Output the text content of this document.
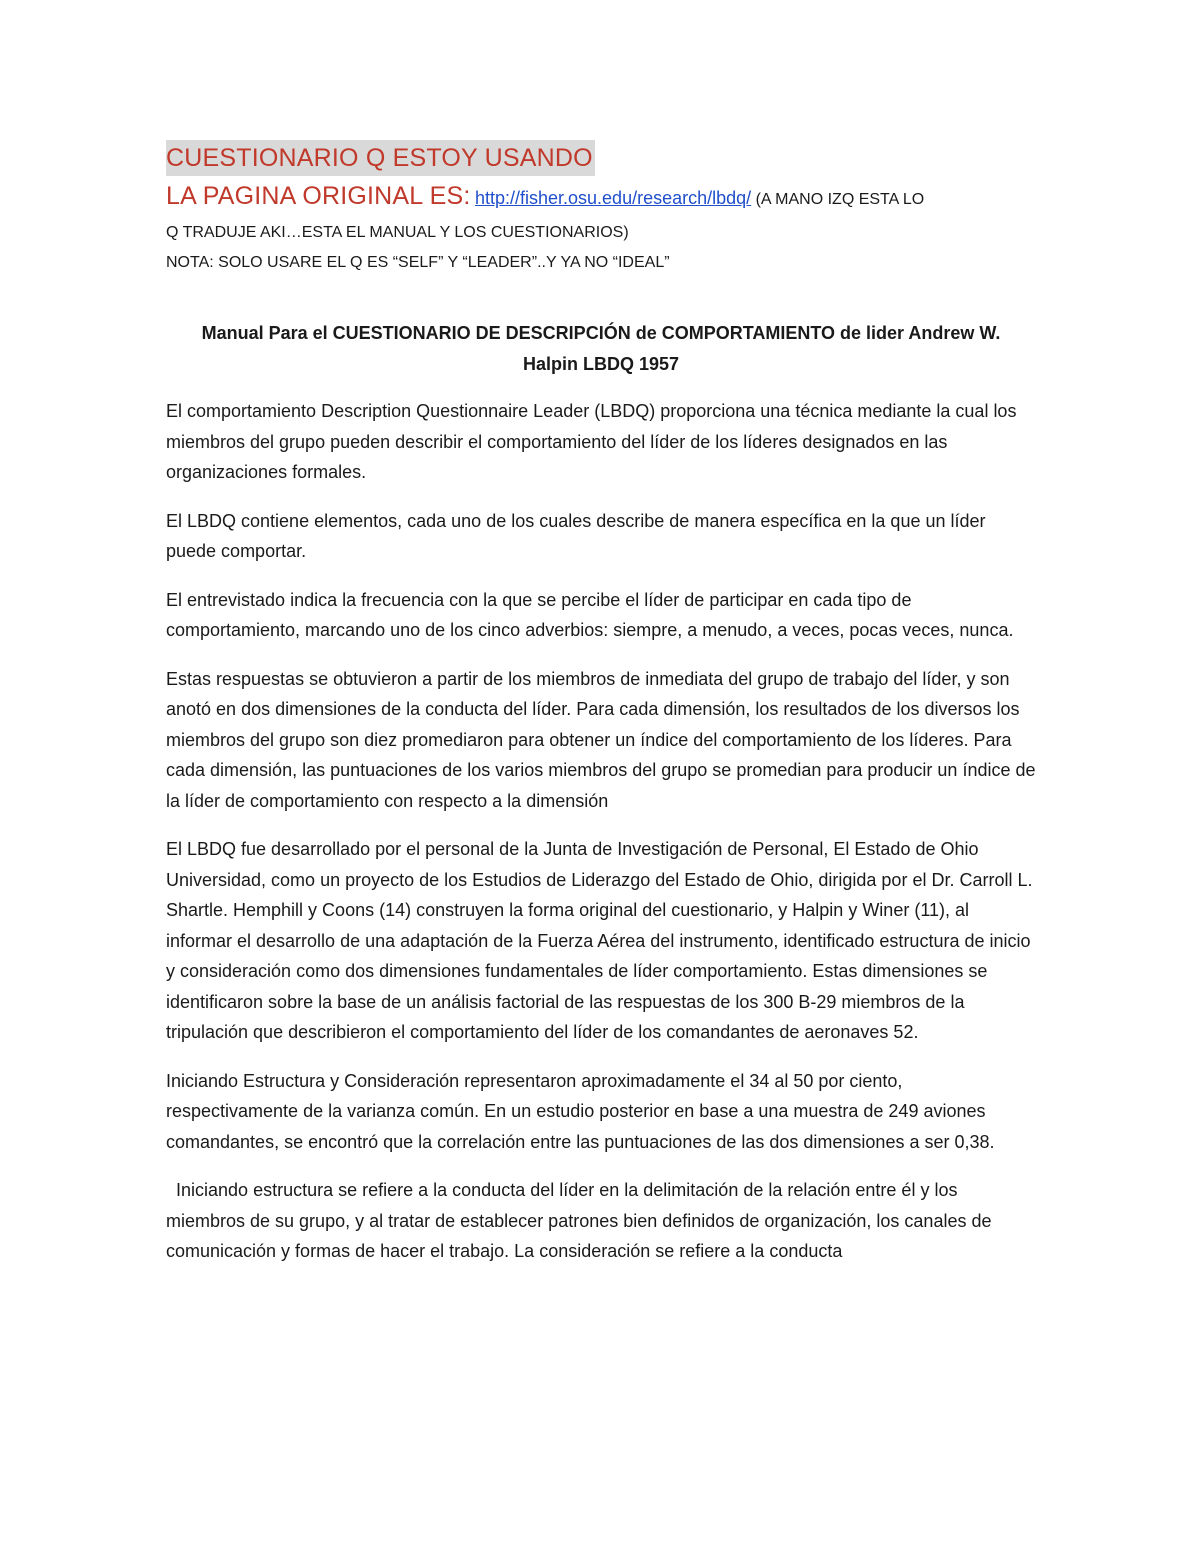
CUESTIONARIO Q ESTOY USANDO
LA PAGINA ORIGINAL ES: http://fisher.osu.edu/research/lbdq/ (A MANO IZQ ESTA LO
Q TRADUJE AKI…ESTA EL MANUAL Y LOS CUESTIONARIOS)
NOTA: SOLO USARE EL Q ES “SELF” Y “LEADER”..Y YA NO “IDEAL”
Manual Para el CUESTIONARIO DE DESCRIPCIÓN de COMPORTAMIENTO de lider Andrew W.
Halpin LBDQ 1957

El comportamiento Description Questionnaire Leader (LBDQ) proporciona una técnica mediante la cual los miembros del grupo pueden describir el comportamiento del líder de los líderes designados en las organizaciones formales.

El LBDQ contiene elementos, cada uno de los cuales describe de manera específica en la que un líder puede comportar.

El entrevistado indica la frecuencia con la que se percibe el líder de participar en cada tipo de comportamiento, marcando uno de los cinco adverbios: siempre, a menudo, a veces, pocas veces, nunca.

Estas respuestas se obtuvieron a partir de los miembros de inmediata del grupo de trabajo del líder, y son anotó en dos dimensiones de la conducta del líder. Para cada dimensión, los resultados de los diversos los miembros del grupo son diez promediaron para obtener un índice del comportamiento de los líderes. Para cada dimensión, las puntuaciones de los varios miembros del grupo se promedian para producir un índice de la líder de comportamiento con respecto a la dimensión

El LBDQ fue desarrollado por el personal de la Junta de Investigación de Personal, El Estado de Ohio Universidad, como un proyecto de los Estudios de Liderazgo del Estado de Ohio, dirigida por el Dr. Carroll L. Shartle. Hemphill y Coons (14) construyen la forma original del cuestionario, y Halpin y Winer (11), al informar el desarrollo de una adaptación de la Fuerza Aérea del instrumento, identificado estructura de inicio y consideración como dos dimensiones fundamentales de líder comportamiento. Estas dimensiones se identificaron sobre la base de un análisis factorial de las respuestas de los 300 B-29 miembros de la tripulación que describieron el comportamiento del líder de los comandantes de aeronaves 52.

Iniciando Estructura y Consideración representaron aproximadamente el 34 al 50 por ciento, respectivamente de la varianza común. En un estudio posterior en base a una muestra de 249 aviones comandantes, se encontró que la correlación entre las puntuaciones de las dos dimensiones a ser 0,38.

Iniciando estructura se refiere a la conducta del líder en la delimitación de la relación entre él y los miembros de su grupo, y al tratar de establecer patrones bien definidos de organización, los canales de comunicación y formas de hacer el trabajo. La consideración se refiere a la conducta
